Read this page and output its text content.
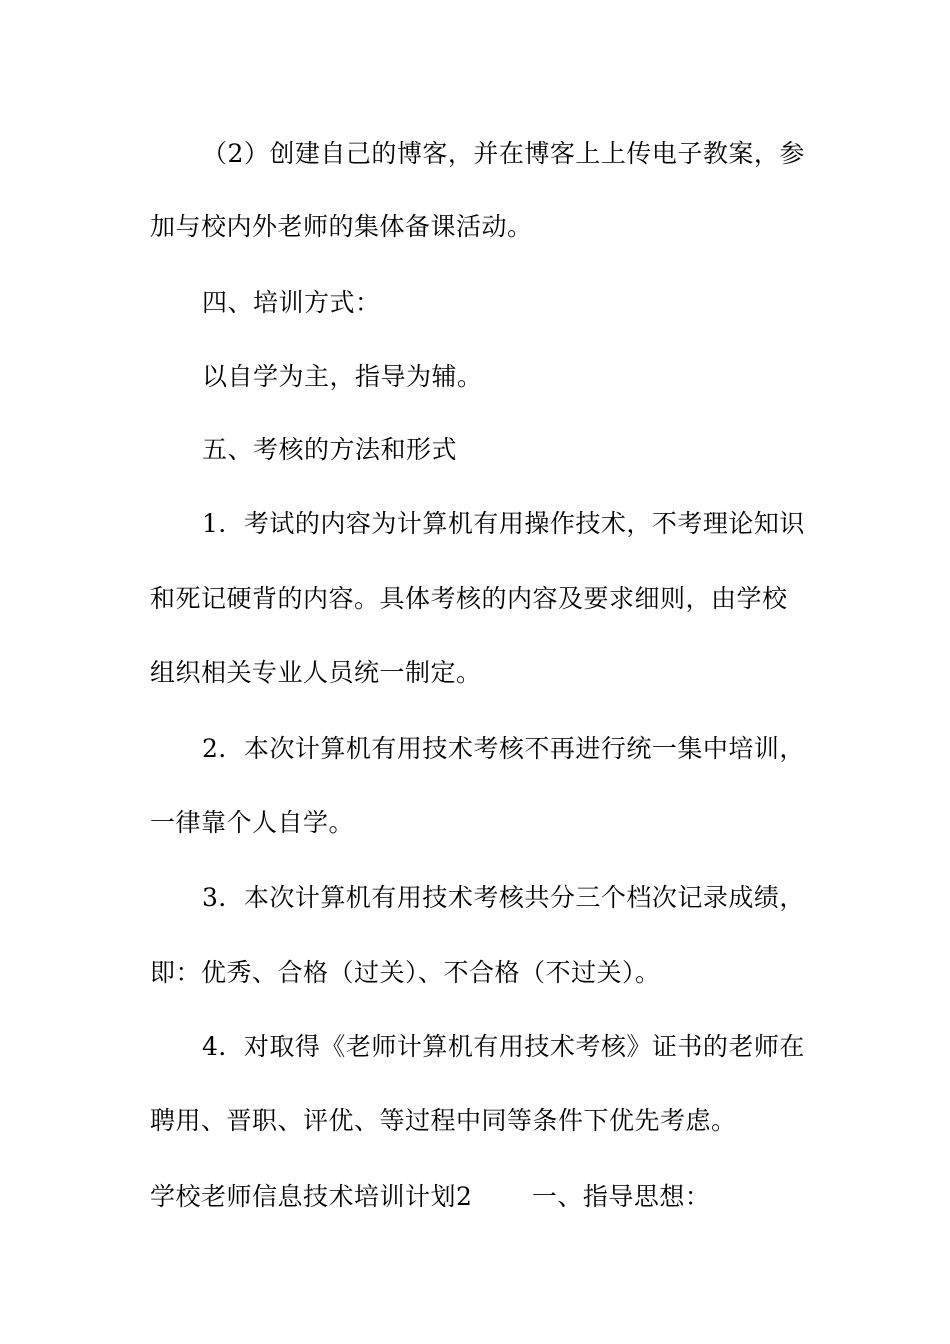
（2）创建自己的博客，并在博客上上传电子教案，参
加与校内外老师的集体备课活动。
四、培训方式：
以自学为主，指导为辅。
五、考核的方法和形式
1．考试的内容为计算机有用操作技术，不考理论知识
和死记硬背的内容。具体考核的内容及要求细则，由学校
组织相关专业人员统一制定。
2．本次计算机有用技术考核不再进行统一集中培训，
一律靠个人自学。
3．本次计算机有用技术考核共分三个档次记录成绩，
即：优秀、合格（过关）、不合格（不过关）。
4．对取得《老师计算机有用技术考核》证书的老师在
聘用、晋职、评优、等过程中同等条件下优先考虑。
学校老师信息技术培训计划2　　 一、指导思想：
